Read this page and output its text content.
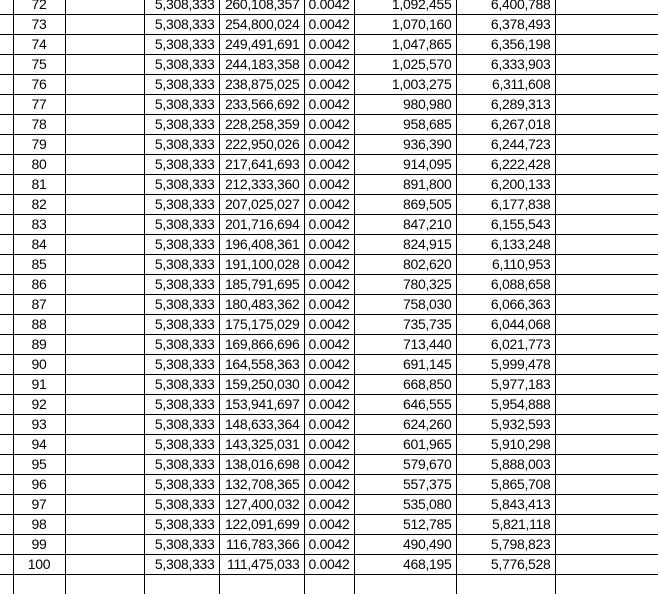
	72		5,308,333	260,108,357	0.0042	1,092,455	6,400,788	
	73		5,308,333	254,800,024	0.0042	1,070,160	6,378,493	
	74		5,308,333	249,491,691	0.0042	1,047,865	6,356,198	
	75		5,308,333	244,183,358	0.0042	1,025,570	6,333,903	
	76		5,308,333	238,875,025	0.0042	1,003,275	6,311,608	
	77		5,308,333	233,566,692	0.0042	980,980	6,289,313	
	78		5,308,333	228,258,359	0.0042	958,685	6,267,018	
	79		5,308,333	222,950,026	0.0042	936,390	6,244,723	
	80		5,308,333	217,641,693	0.0042	914,095	6,222,428	
	81		5,308,333	212,333,360	0.0042	891,800	6,200,133	
	82		5,308,333	207,025,027	0.0042	869,505	6,177,838	
	83		5,308,333	201,716,694	0.0042	847,210	6,155,543	
	84		5,308,333	196,408,361	0.0042	824,915	6,133,248	
	85		5,308,333	191,100,028	0.0042	802,620	6,110,953	
	86		5,308,333	185,791,695	0.0042	780,325	6,088,658	
	87		5,308,333	180,483,362	0.0042	758,030	6,066,363	
	88		5,308,333	175,175,029	0.0042	735,735	6,044,068	
	89		5,308,333	169,866,696	0.0042	713,440	6,021,773	
	90		5,308,333	164,558,363	0.0042	691,145	5,999,478	
	91		5,308,333	159,250,030	0.0042	668,850	5,977,183	
	92		5,308,333	153,941,697	0.0042	646,555	5,954,888	
	93		5,308,333	148,633,364	0.0042	624,260	5,932,593	
	94		5,308,333	143,325,031	0.0042	601,965	5,910,298	
	95		5,308,333	138,016,698	0.0042	579,670	5,888,003	
	96		5,308,333	132,708,365	0.0042	557,375	5,865,708	
	97		5,308,333	127,400,032	0.0042	535,080	5,843,413	
	98		5,308,333	122,091,699	0.0042	512,785	5,821,118	
	99		5,308,333	116,783,366	0.0042	490,490	5,798,823	
	100		5,308,333	111,475,033	0.0042	468,195	5,776,528	
